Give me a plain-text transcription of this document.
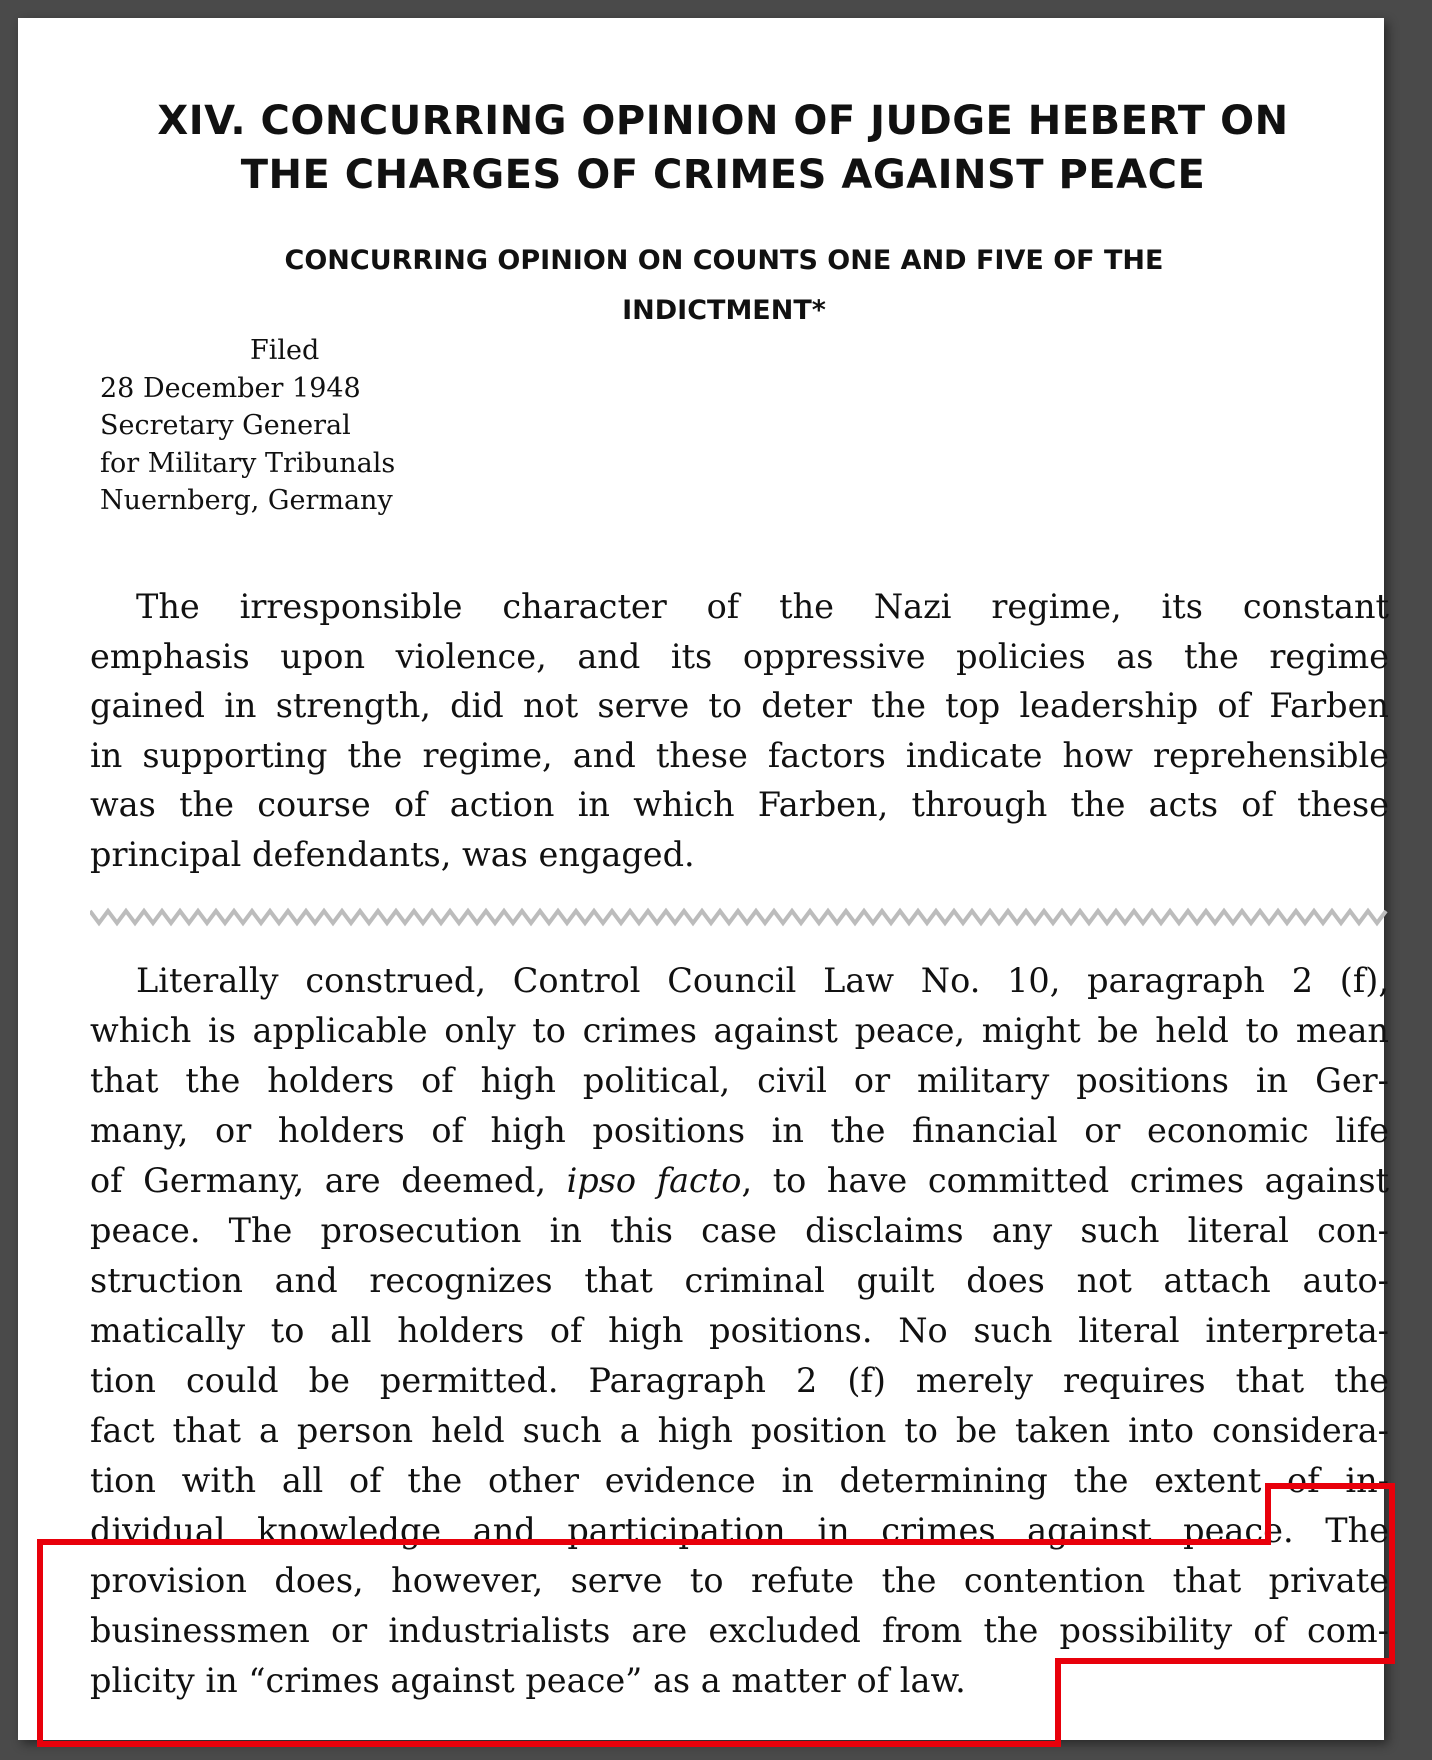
XIV. CONCURRING OPINION OF JUDGE HEBERT ON
THE CHARGES OF CRIMES AGAINST PEACE
CONCURRING OPINION ON COUNTS ONE AND FIVE OF THE
INDICTMENT*
Filed
28 December 1948
Secretary General
for Military Tribunals
Nuernberg, Germany
The irresponsible character of the Nazi regime, its constant
emphasis upon violence, and its oppressive policies as the regime
gained in strength, did not serve to deter the top leadership of Farben
in supporting the regime, and these factors indicate how reprehensible
was the course of action in which Farben, through the acts of these
principal defendants, was engaged.
Literally construed, Control Council Law No. 10, paragraph 2 (f),
which is applicable only to crimes against peace, might be held to mean
that the holders of high political, civil or military positions in Ger-
many, or holders of high positions in the financial or economic life
of Germany, are deemed, ipso facto, to have committed crimes against
peace. The prosecution in this case disclaims any such literal con-
struction and recognizes that criminal guilt does not attach auto-
matically to all holders of high positions. No such literal interpreta-
tion could be permitted. Paragraph 2 (f) merely requires that the
fact that a person held such a high position to be taken into considera-
tion with all of the other evidence in determining the extent of in-
dividual knowledge and participation in crimes against peace. The
provision does, however, serve to refute the contention that private
businessmen or industrialists are excluded from the possibility of com-
plicity in “crimes against peace” as a matter of law.
